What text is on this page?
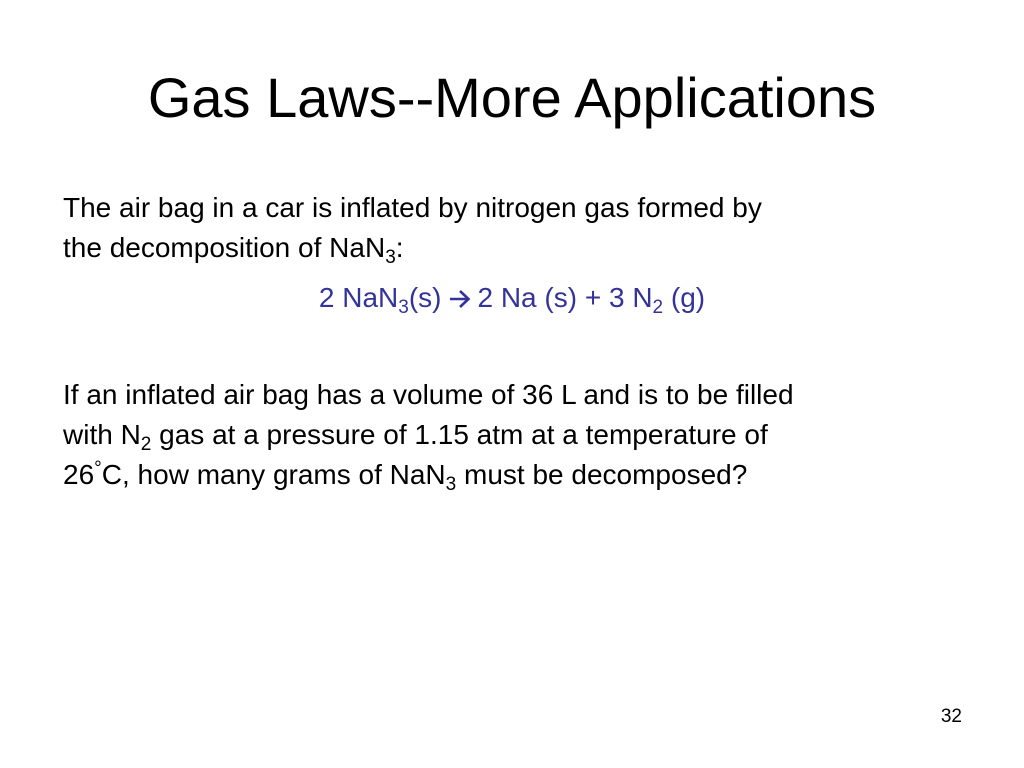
Gas Laws--More Applications

The air bag in a car is inflated by nitrogen gas formed by
the decomposition of NaN$_3$:

2 NaN$_3$(s) 2 Na (s) + 3 $N_2$ (g)

If an inflated air bag has a volume of 36 L and is to be filled
with $N_2$ gas at a pressure of 1.15 atm at a temperature of
26°C, how many grams of NaN$_3$ must be decomposed?

32
